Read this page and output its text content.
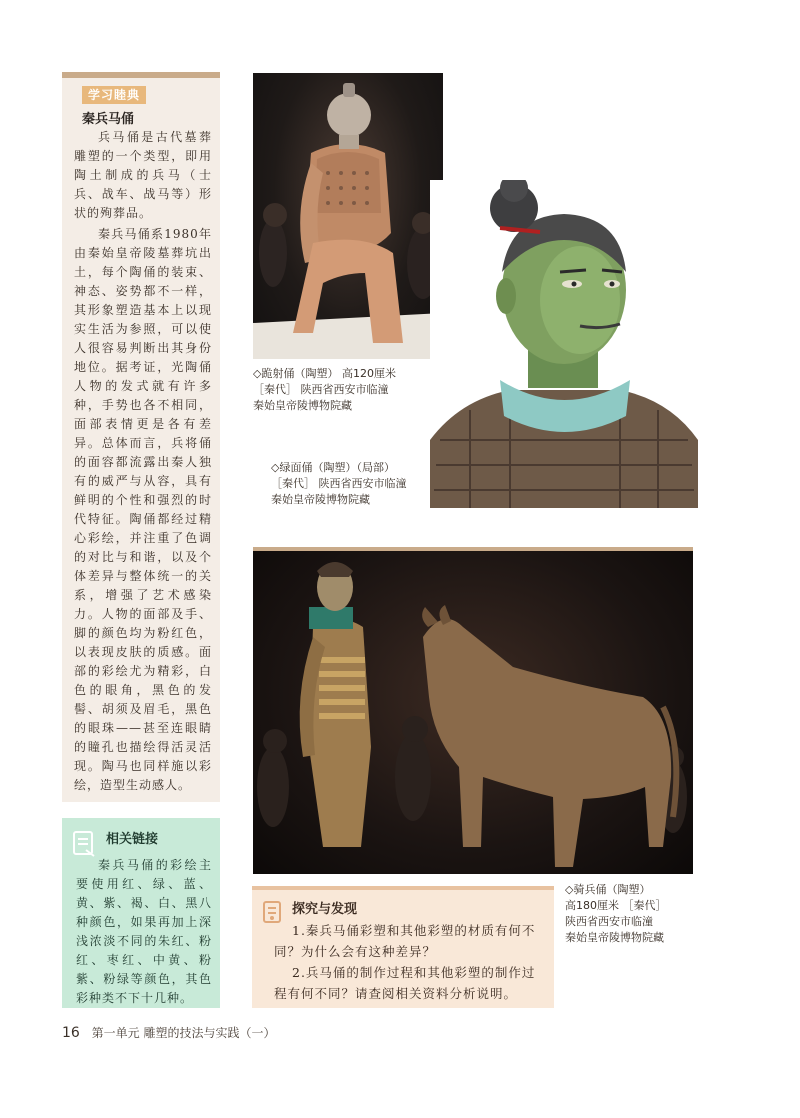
学习睦典
秦兵马俑

兵马俑是古代墓葬雕塑的一个类型，即用陶土制成的兵马（士兵、战车、战马等）形状的殉葬品。

秦兵马俑系1980年由秦始皇帝陵墓葬坑出土，每个陶俑的装束、神态、姿势都不一样，其形象塑造基本上以现实生活为参照，可以使人很容易判断出其身份地位。据考证，光陶俑人物的发式就有许多种，手势也各不相同，面部表情更是各有差异。总体而言，兵将俑的面容都流露出秦人独有的威严与从容，具有鲜明的个性和强烈的时代特征。陶俑都经过精心彩绘，并注重了色调的对比与和谐，以及个体差异与整体统一的关系，增强了艺术感染力。人物的面部及手、脚的颜色均为粉红色，以表现皮肤的质感。面部的彩绘尤为精彩，白色的眼角，黑色的发髻、胡须及眉毛，黑色的眼珠——甚至连眼睛的瞳孔也描绘得活灵活现。陶马也同样施以彩绘，造型生动感人。

相关链接
秦兵马俑的彩绘主要使用红、绿、蓝、黄、紫、褐、白、黑八种颜色，如果再加上深浅浓淡不同的朱红、粉红、枣红、中黄、粉紫、粉绿等颜色，其色彩种类不下十几种。
◇跪射俑（陶塑） 高120厘米
［秦代］ 陕西省西安市临潼
秦始皇帝陵博物院藏
◇绿面俑（陶塑）（局部）
［秦代］ 陕西省西安市临潼
秦始皇帝陵博物院藏
◇骑兵俑（陶塑）
高180厘米 ［秦代］
陕西省西安市临潼
秦始皇帝陵博物院藏
探究与发现

1.秦兵马俑彩塑和其他彩塑的材质有何不同？为什么会有这种差异？

2.兵马俑的制作过程和其他彩塑的制作过程有何不同？请查阅相关资料分析说明。

16 第一单元 雕塑的技法与实践（一）
